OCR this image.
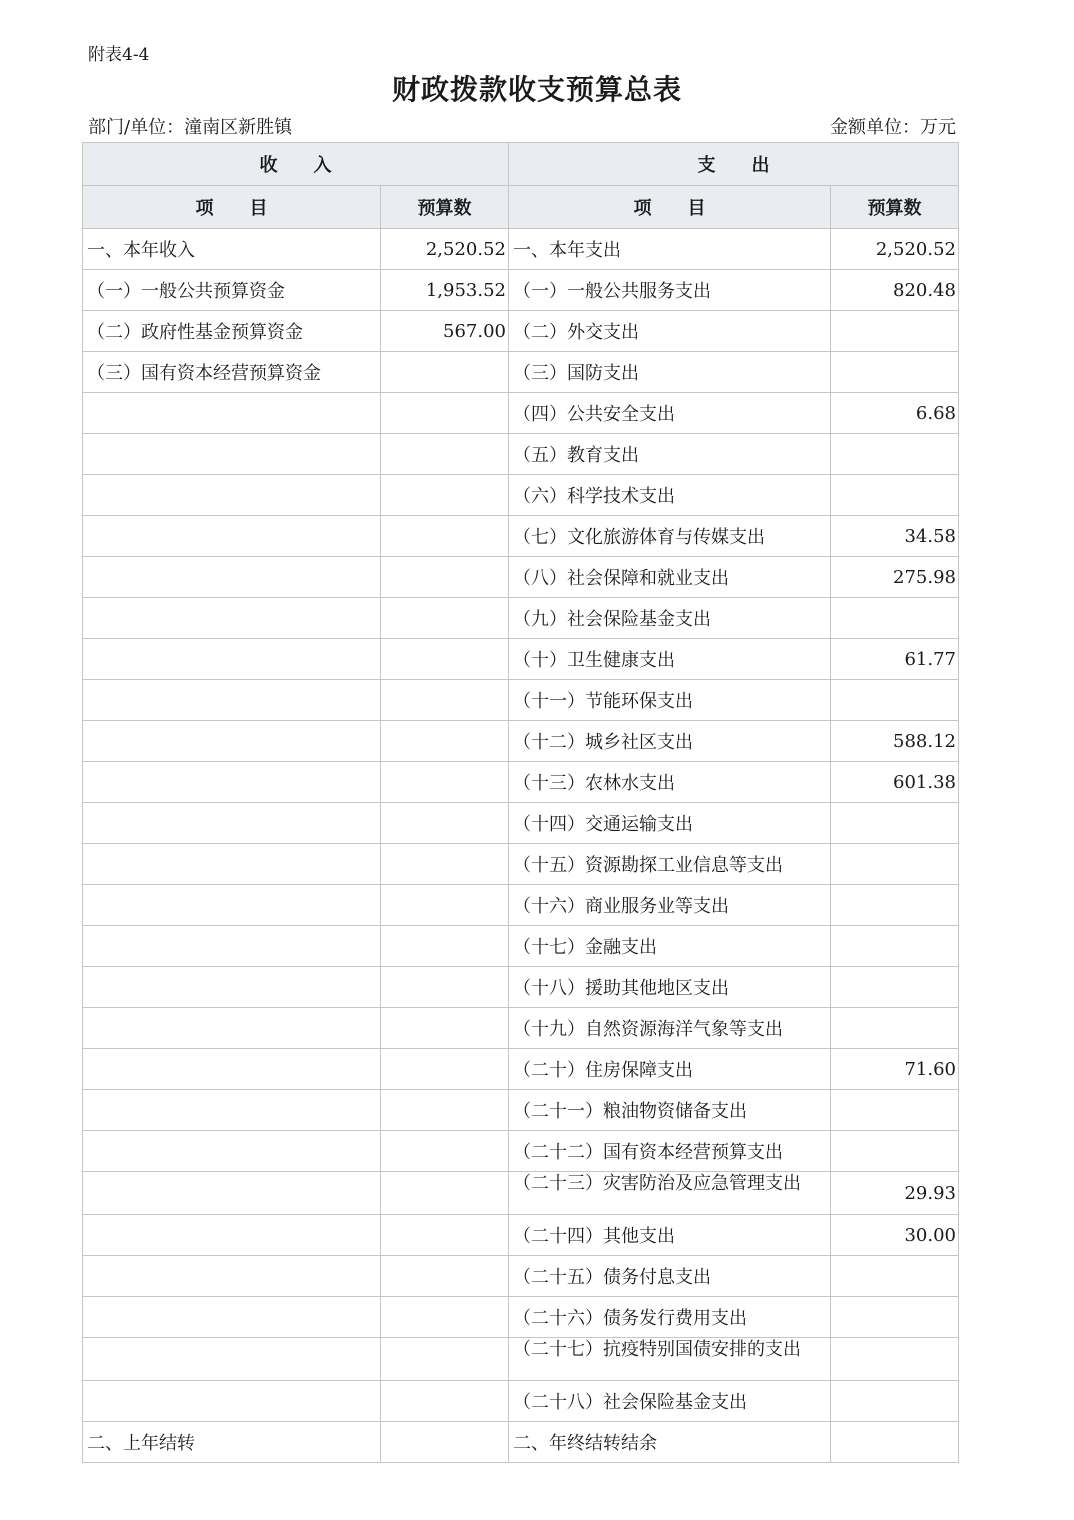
附表4-4
财政拨款收支预算总表
部门/单位：潼南区新胜镇	金额单位：万元
收　　入		支　　出	
项　　目	预算数	项　　目	预算数
一、本年收入	2,520.52	一、本年支出	2,520.52
（一）一般公共预算资金	1,953.52	（一）一般公共服务支出	820.48
（二）政府性基金预算资金	567.00	（二）外交支出	
（三）国有资本经营预算资金		（三）国防支出	
		（四）公共安全支出	6.68
		（五）教育支出	
		（六）科学技术支出	
		（七）文化旅游体育与传媒支出	34.58
		（八）社会保障和就业支出	275.98
		（九）社会保险基金支出	
		（十）卫生健康支出	61.77
		（十一）节能环保支出	
		（十二）城乡社区支出	588.12
		（十三）农林水支出	601.38
		（十四）交通运输支出	
		（十五）资源勘探工业信息等支出	
		（十六）商业服务业等支出	
		（十七）金融支出	
		（十八）援助其他地区支出	
		（十九）自然资源海洋气象等支出	
		（二十）住房保障支出	71.60
		（二十一）粮油物资储备支出	
		（二十二）国有资本经营预算支出	

		（二十三）灾害防治及应急管理支出	29.93
		（二十四）其他支出	30.00
		（二十五）债务付息支出	
		（二十六）债务发行费用支出	

		（二十七）抗疫特别国债安排的支出	

		（二十八）社会保险基金支出	
二、上年结转		二、年终结转结余	
